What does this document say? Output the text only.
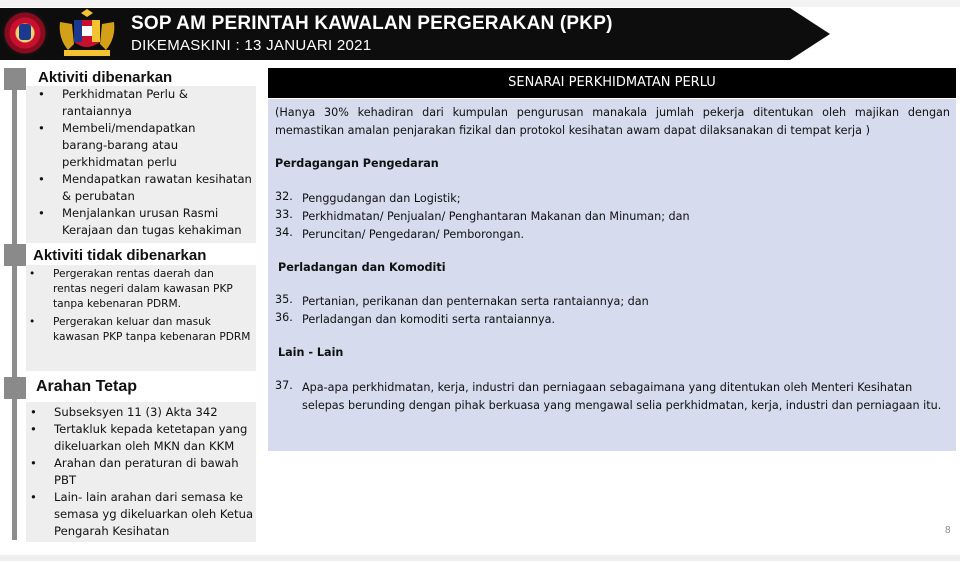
SOP AM PERINTAH KAWALAN PERGERAKAN (PKP)
DIKEMASKINI : 13 JANUARI 2021
Aktiviti dibenarkan
• Perkhidmatan Perlu &
rantaiannya
• Membeli/mendapatkan
barang-barang atau
perkhidmatan perlu
• Mendapatkan rawatan kesihatan
& perubatan
• Menjalankan urusan Rasmi
Kerajaan dan tugas kehakiman
Aktiviti tidak dibenarkan
• Pergerakan rentas daerah dan
rentas negeri dalam kawasan PKP
tanpa kebenaran PDRM.
• Pergerakan keluar dan masuk
kawasan PKP tanpa kebenaran PDRM
Arahan Tetap
• Subseksyen 11 (3) Akta 342
• Tertakluk kepada ketetapan yang
dikeluarkan oleh MKN dan KKM
• Arahan dan peraturan di bawah
PBT
• Lain- lain arahan dari semasa ke
semasa yg dikeluarkan oleh Ketua
Pengarah Kesihatan
SENARAI PERKHIDMATAN PERLU
(Hanya 30% kehadiran dari kumpulan pengurusan manakala jumlah pekerja ditentukan oleh majikan dengan memastikan amalan penjarakan fizikal dan protokol kesihatan awam dapat dilaksanakan di tempat kerja )
Perdagangan Pengedaran
32. Penggudangan dan Logistik;
33. Perkhidmatan/ Penjualan/ Penghantaran Makanan dan Minuman; dan
34. Peruncitan/ Pengedaran/ Pemborongan.
Perladangan dan Komoditi
35. Pertanian, perikanan dan penternakan serta rantaiannya; dan
36. Perladangan dan komoditi serta rantaiannya.
Lain - Lain
37. Apa-apa perkhidmatan, kerja, industri dan perniagaan sebagaimana yang ditentukan oleh Menteri Kesihatan selepas berunding dengan pihak berkuasa yang mengawal selia perkhidmatan, kerja, industri dan perniagaan itu.
8
